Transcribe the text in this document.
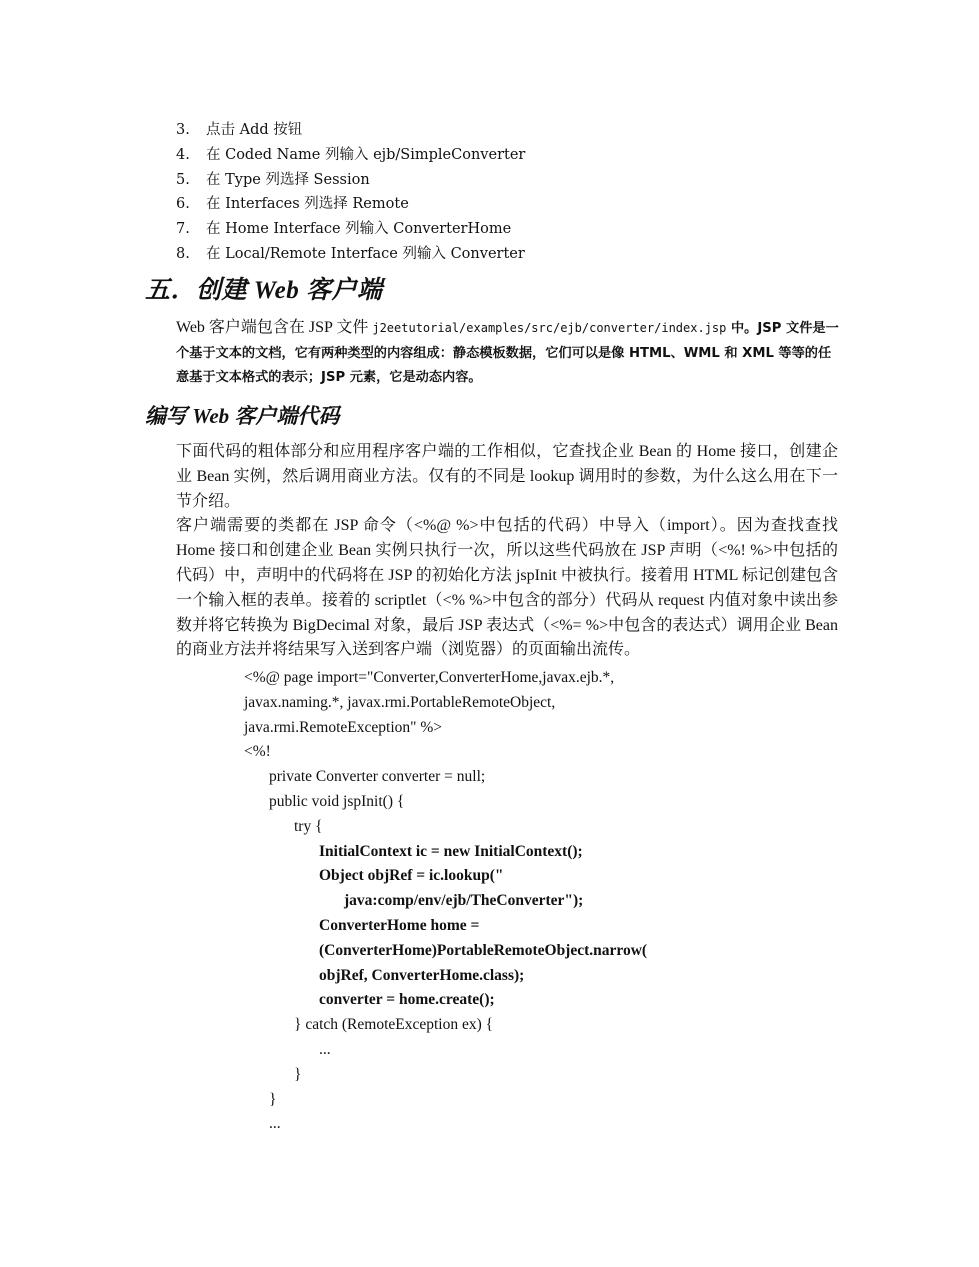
3. 点击 Add 按钮
4. 在 Coded Name 列输入 ejb/SimpleConverter
5. 在 Type 列选择 Session
6. 在 Interfaces 列选择 Remote
7. 在 Home Interface 列输入 ConverterHome
8. 在 Local/Remote Interface 列输入 Converter
五．创建 Web 客户端
Web 客户端包含在 JSP 文件 j2eetutorial/examples/src/ejb/converter/index.jsp 中。JSP 文件是一个基于文本的文档，它有两种类型的内容组成：静态模板数据，它们可以是像 HTML、WML 和 XML 等等的任意基于文本格式的表示；JSP 元素，它是动态内容。
编写 Web 客户端代码

下面代码的粗体部分和应用程序客户端的工作相似，它查找企业 Bean 的 Home 接口，创建企业 Bean 实例，然后调用商业方法。仅有的不同是 lookup 调用时的参数，为什么这么用在下一节介绍。

客户端需要的类都在 JSP 命令（<%@ %>中包括的代码）中导入（import）。因为查找查找 Home 接口和创建企业 Bean 实例只执行一次，所以这些代码放在 JSP 声明（<%! %>中包括的代码）中，声明中的代码将在 JSP 的初始化方法 jspInit 中被执行。接着用 HTML 标记创建包含一个输入框的表单。接着的 scriptlet（<% %>中包含的部分）代码从 request 内值对象中读出参数并将它转换为 BigDecimal 对象，最后 JSP 表达式（<%= %>中包含的表达式）调用企业 Bean 的商业方法并将结果写入送到客户端（浏览器）的页面输出流传。

<%@ page import="Converter,ConverterHome,javax.ejb.*,
javax.naming.*, javax.rmi.PortableRemoteObject,
java.rmi.RemoteException" %>
<%!
private Converter converter = null;
public void jspInit() {
try {
InitialContext ic = new InitialContext();
Object objRef = ic.lookup("
java:comp/env/ejb/TheConverter");
ConverterHome home =
(ConverterHome)PortableRemoteObject.narrow(
objRef, ConverterHome.class);
converter = home.create();
} catch (RemoteException ex) {
...
}
}
...
